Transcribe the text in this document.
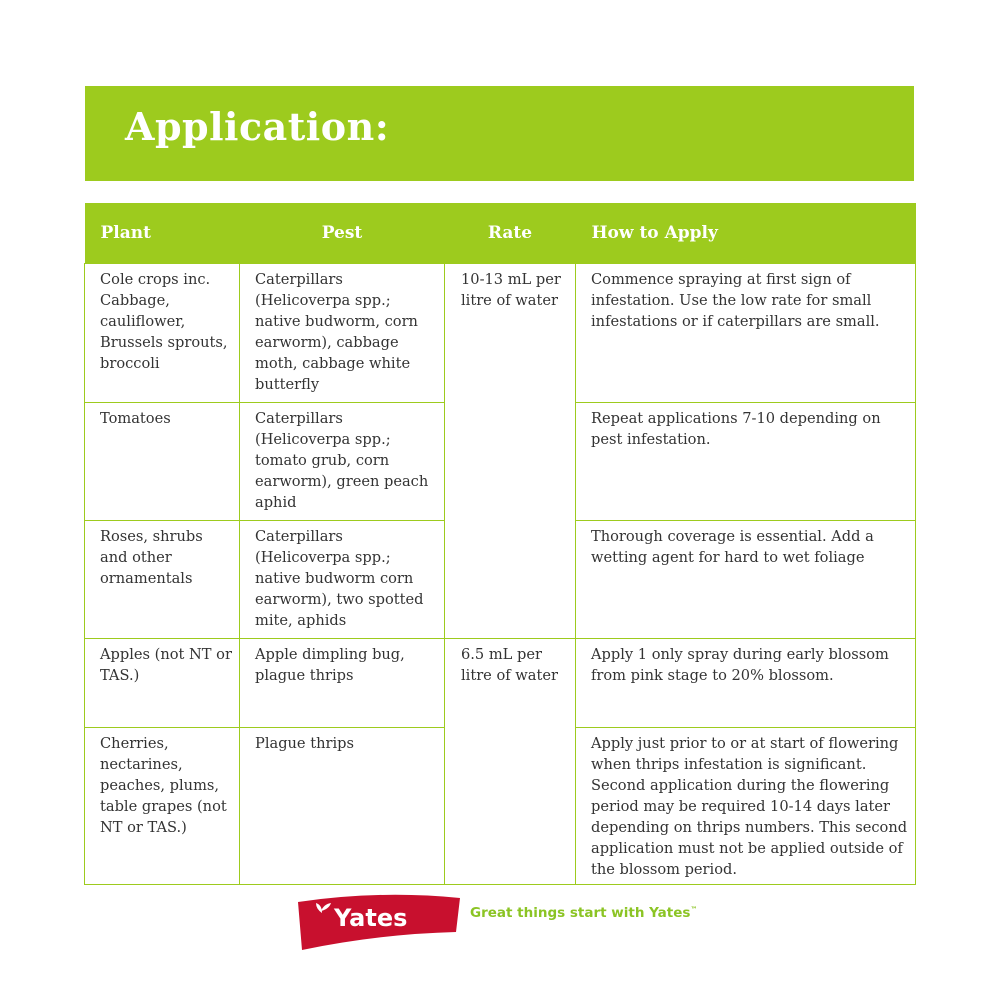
Application:
Plant	Pest	Rate	How to Apply
Cole crops inc. Cabbage, cauliflower, Brussels sprouts, broccoli	Caterpillars (Helicoverpa spp.; native budworm, corn earworm), cabbage moth, cabbage white butterfly	10-13 mL per litre of water	Commence spraying at first sign of infestation. Use the low rate for small infestations or if caterpillars are small.
Tomatoes	Caterpillars (Helicoverpa spp.; tomato grub, corn earworm), green peach aphid		Repeat applications 7-10 depending on pest infestation.
Roses, shrubs and other ornamentals	Caterpillars (Helicoverpa spp.; native budworm corn earworm), two spotted mite, aphids		Thorough coverage is essential. Add a wetting agent for hard to wet foliage
Apples (not NT or TAS.)	Apple dimpling bug, plague thrips	6.5 mL per litre of water	Apply 1 only spray during early blossom from pink stage to 20% blossom.
Cherries, nectarines, peaches, plums, table grapes (not NT or TAS.)	Plague thrips		Apply just prior to or at start of flowering when thrips infestation is significant. Second application during the flowering period may be required 10-14 days later depending on thrips numbers. This second application must not be applied outside of the blossom period.
Yates	Great things start with Yates™
